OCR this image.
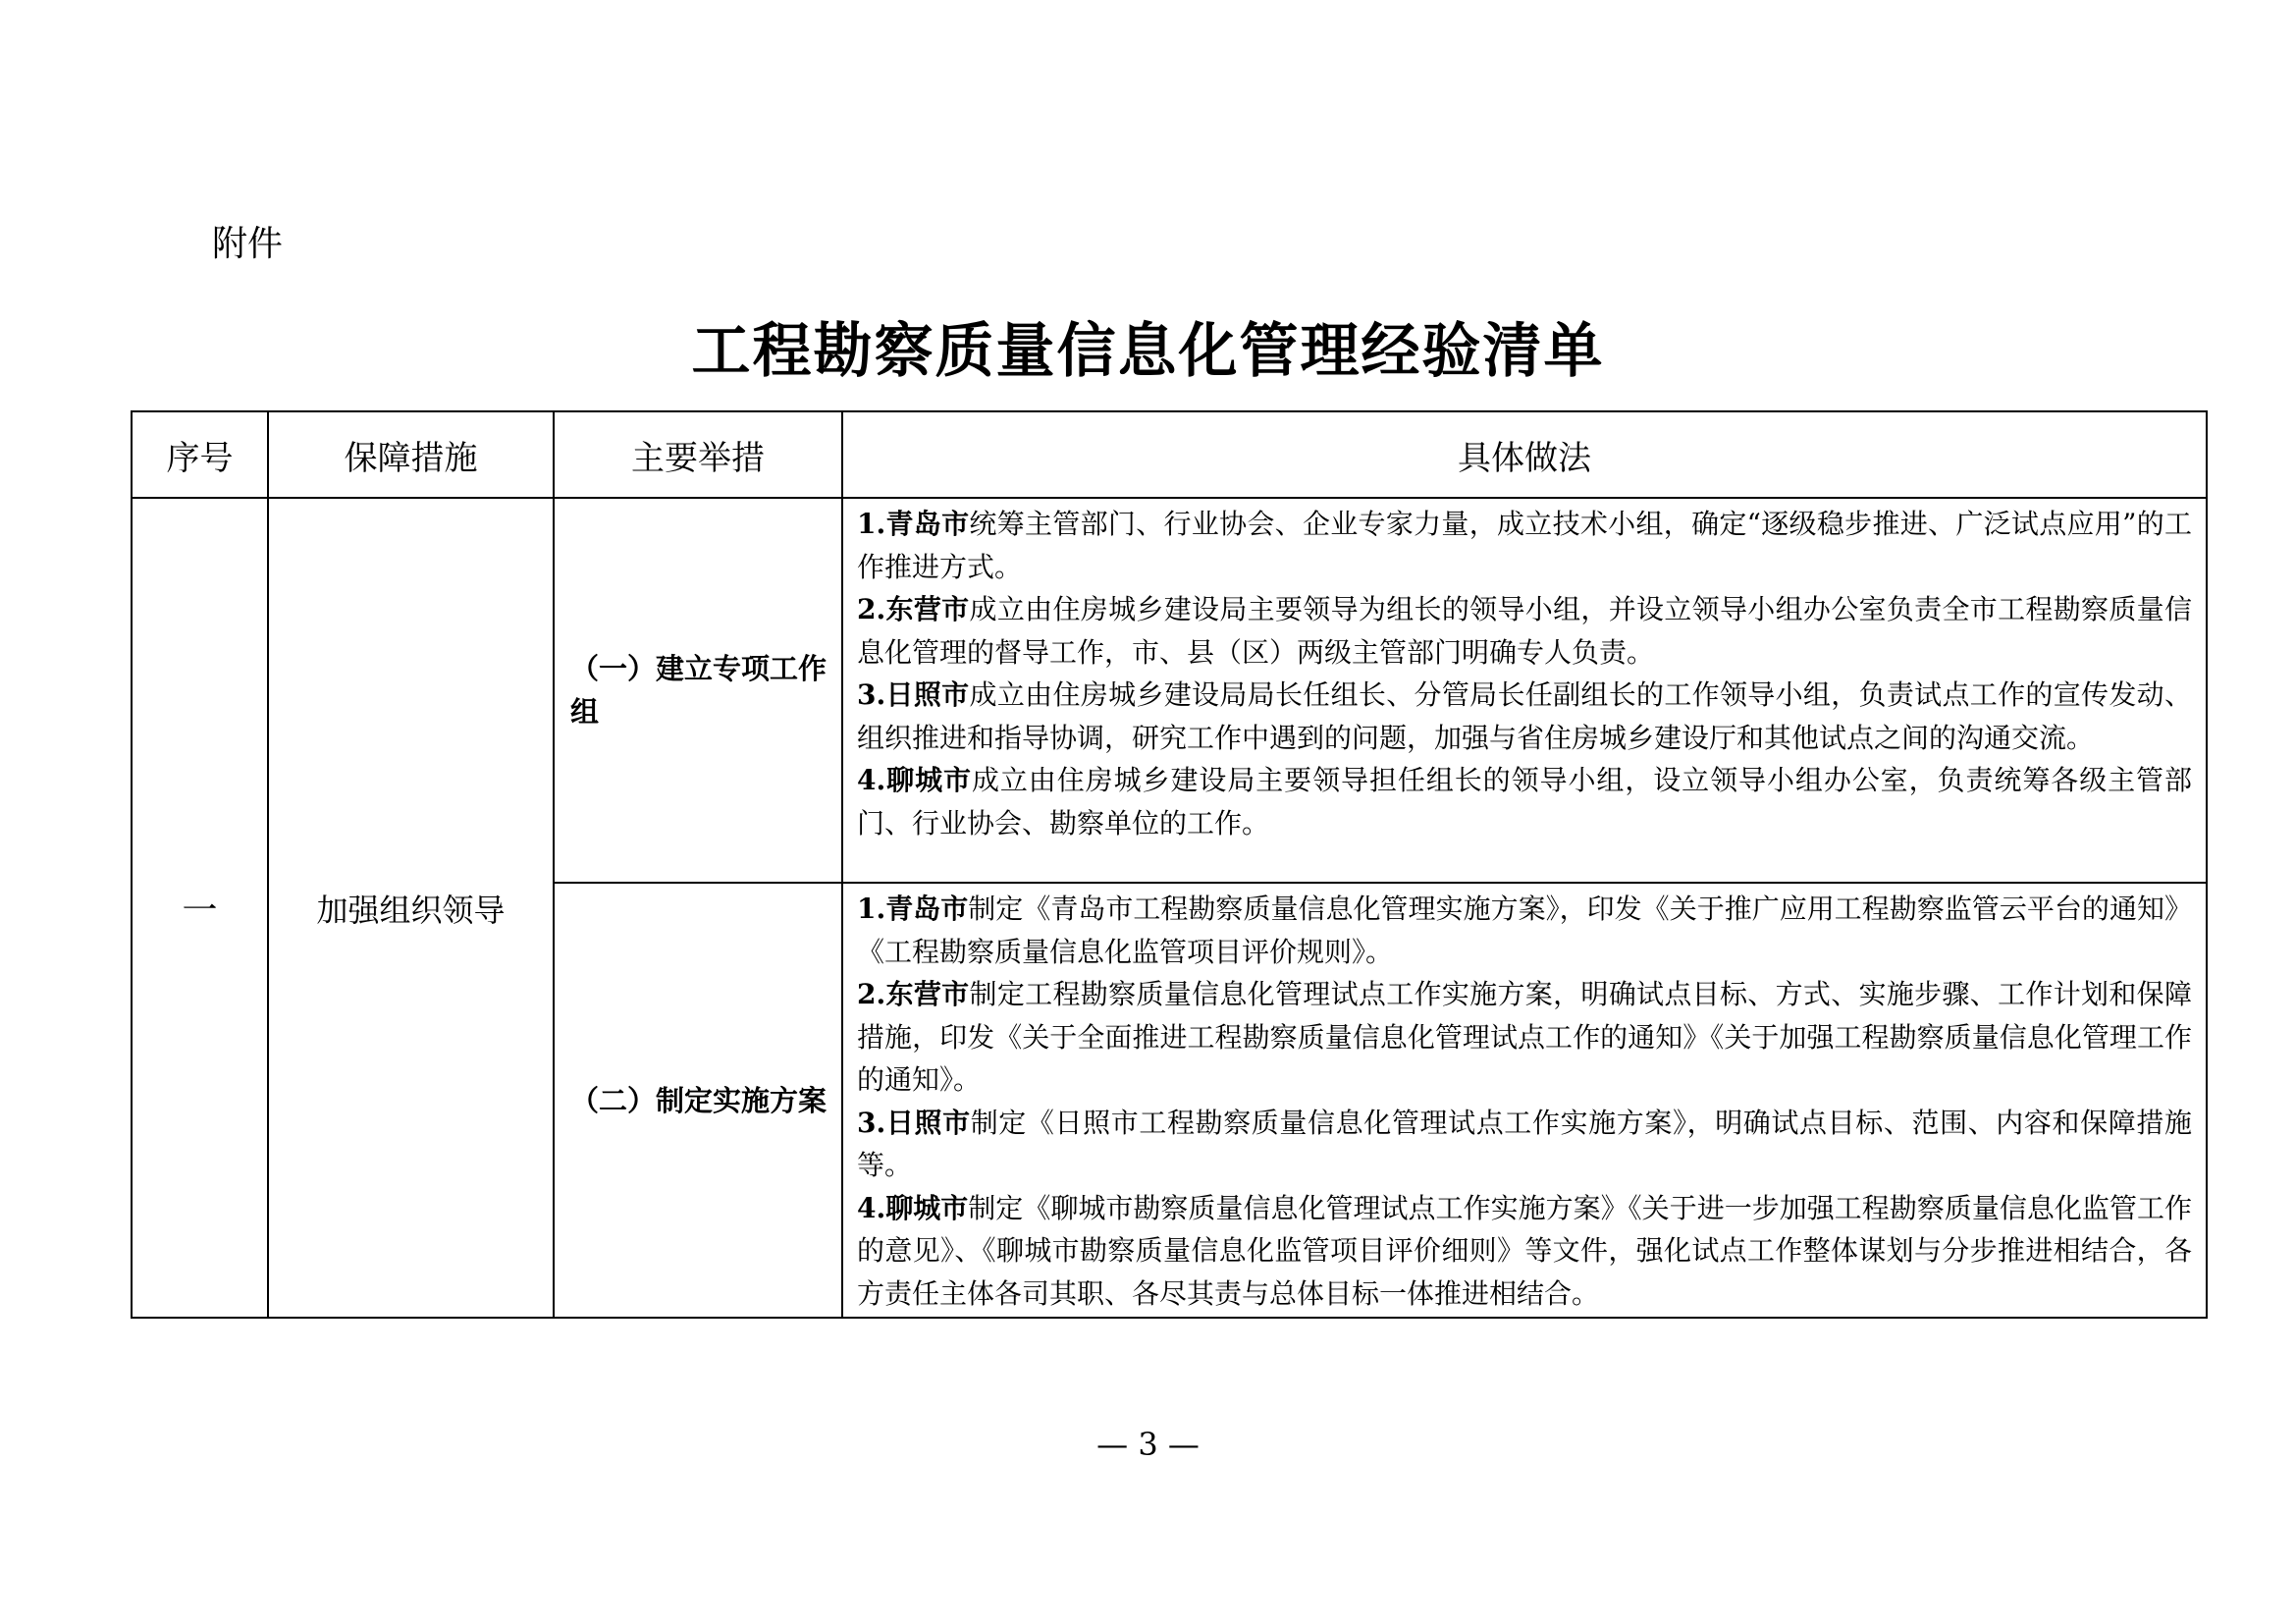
附件
工程勘察质量信息化管理经验清单
序号	保障措施	主要举措	具体做法
一	加强组织领导	（一）建立专项工作组	1.青岛市统筹主管部门、行业协会、企业专家力量，成立技术小组，确定“逐级稳步推进、广泛试点应用”的工作推进方式。

2.东营市成立由住房城乡建设局主要领导为组长的领导小组，并设立领导小组办公室负责全市工程勘察质量信息化管理的督导工作，市、县（区）两级主管部门明确专人负责。

3.日照市成立由住房城乡建设局局长任组长、分管局长任副组长的工作领导小组，负责试点工作的宣传发动、组织推进和指导协调，研究工作中遇到的问题，加强与省住房城乡建设厅和其他试点之间的沟通交流。

4.聊城市成立由住房城乡建设局主要领导担任组长的领导小组，设立领导小组办公室，负责统筹各级主管部门、行业协会、勘察单位的工作。

		（二）制定实施方案	1.青岛市制定《青岛市工程勘察质量信息化管理实施方案》，印发《关于推广应用工程勘察监管云平台的通知》《工程勘察质量信息化监管项目评价规则》。

2.东营市制定工程勘察质量信息化管理试点工作实施方案，明确试点目标、方式、实施步骤、工作计划和保障措施，印发《关于全面推进工程勘察质量信息化管理试点工作的通知》《关于加强工程勘察质量信息化管理工作的通知》。

3.日照市制定《日照市工程勘察质量信息化管理试点工作实施方案》，明确试点目标、范围、内容和保障措施等。

4.聊城市制定《聊城市勘察质量信息化管理试点工作实施方案》《关于进一步加强工程勘察质量信息化监管工作的意见》、《聊城市勘察质量信息化监管项目评价细则》等文件，强化试点工作整体谋划与分步推进相结合，各方责任主体各司其职、各尽其责与总体目标一体推进相结合。

— 3 —
